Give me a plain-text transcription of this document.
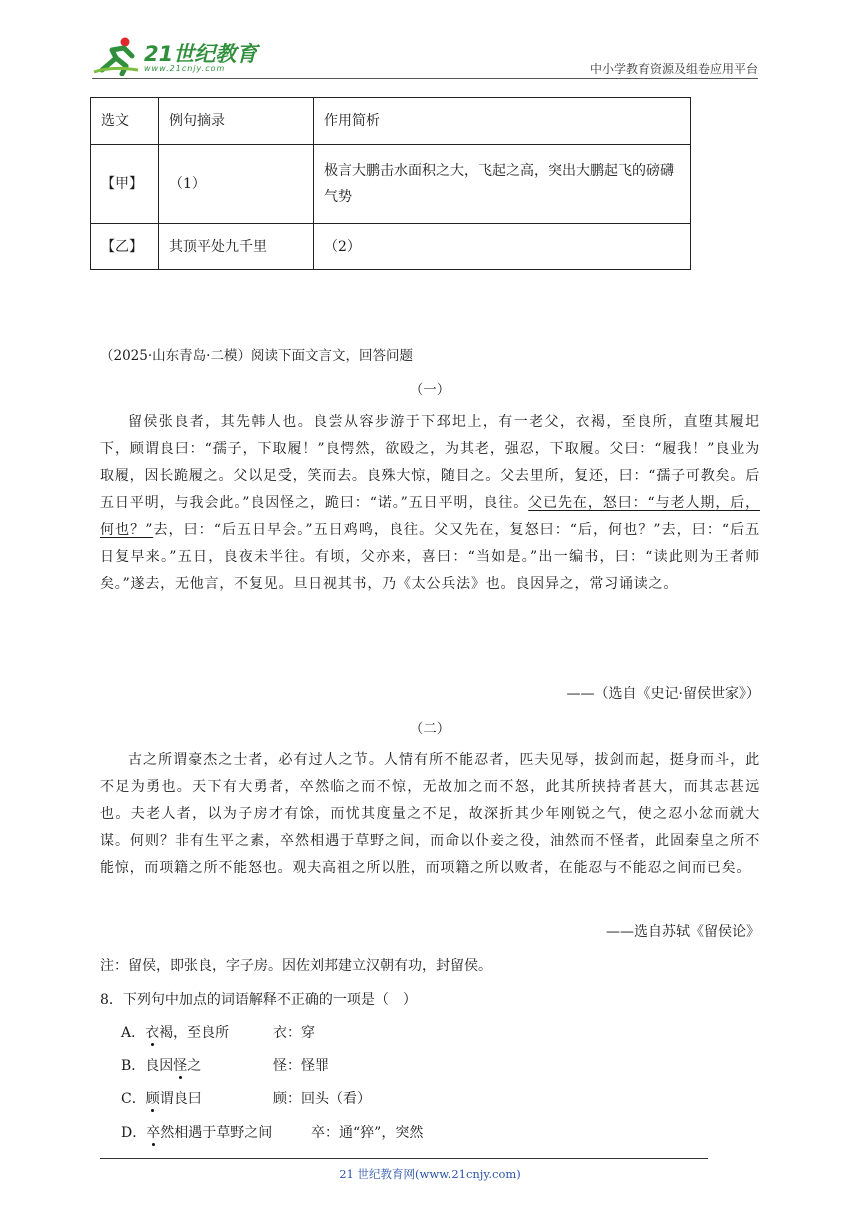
21世纪教育
www.21cnjy.com	中小学教育资源及组卷应用平台
选文	例句摘录	作用简析
【甲】	（1）	极言大鹏击水面积之大，飞起之高，突出大鹏起飞的磅礴气势
【乙】	其顶平处九千里	（2）
（2025·山东青岛·二模）阅读下面文言文，回答问题
（一）

留侯张良者，其先韩人也。良尝从容步游于下邳圯上，有一老父，衣褐，至良所，直堕其履圯下，顾谓良曰：“孺子，下取履！”良愕然，欲殴之，为其老，强忍，下取履。父曰：“履我！”良业为取履，因长跪履之。父以足受，笑而去。良殊大惊，随目之。父去里所，复还，曰：“孺子可教矣。后五日平明，与我会此。”良因怪之，跪曰：“诺。”五日平明，良往。父已先在，怒曰：“与老人期，后，何也？”去，曰：“后五日早会。”五日鸡鸣，良往。父又先在，复怒曰：“后，何也？”去，曰：“后五日复早来。”五日，良夜未半往。有顷，父亦来，喜曰：“当如是。”出一编书，曰：“读此则为王者师矣。”遂去，无他言，不复见。旦日视其书，乃《太公兵法》也。良因异之，常习诵读之。

——（选自《史记·留侯世家》）
（二）

古之所谓豪杰之士者，必有过人之节。人情有所不能忍者，匹夫见辱，拔剑而起，挺身而斗，此不足为勇也。天下有大勇者，卒然临之而不惊，无故加之而不怒，此其所挟持者甚大，而其志甚远也。夫老人者，以为子房才有馀，而忧其度量之不足，故深折其少年刚锐之气，使之忍小忿而就大谋。何则？非有生平之素，卒然相遇于草野之间，而命以仆妾之役，油然而不怪者，此固秦皇之所不能惊，而项籍之所不能怒也。观夫高祖之所以胜，而项籍之所以败者，在能忍与不能忍之间而已矣。

——选自苏轼《留侯论》
注：留侯，即张良，字子房。因佐刘邦建立汉朝有功，封留侯。
8．下列句中加点的词语解释不正确的一项是（　）
A．衣褐，至良所	衣：穿
B．良因怪之	怪：怪罪
C．顾谓良曰	顾：回头（看）
D．卒然相遇于草野之间	卒：通“猝”，突然
21 世纪教育网(www.21cnjy.com)
